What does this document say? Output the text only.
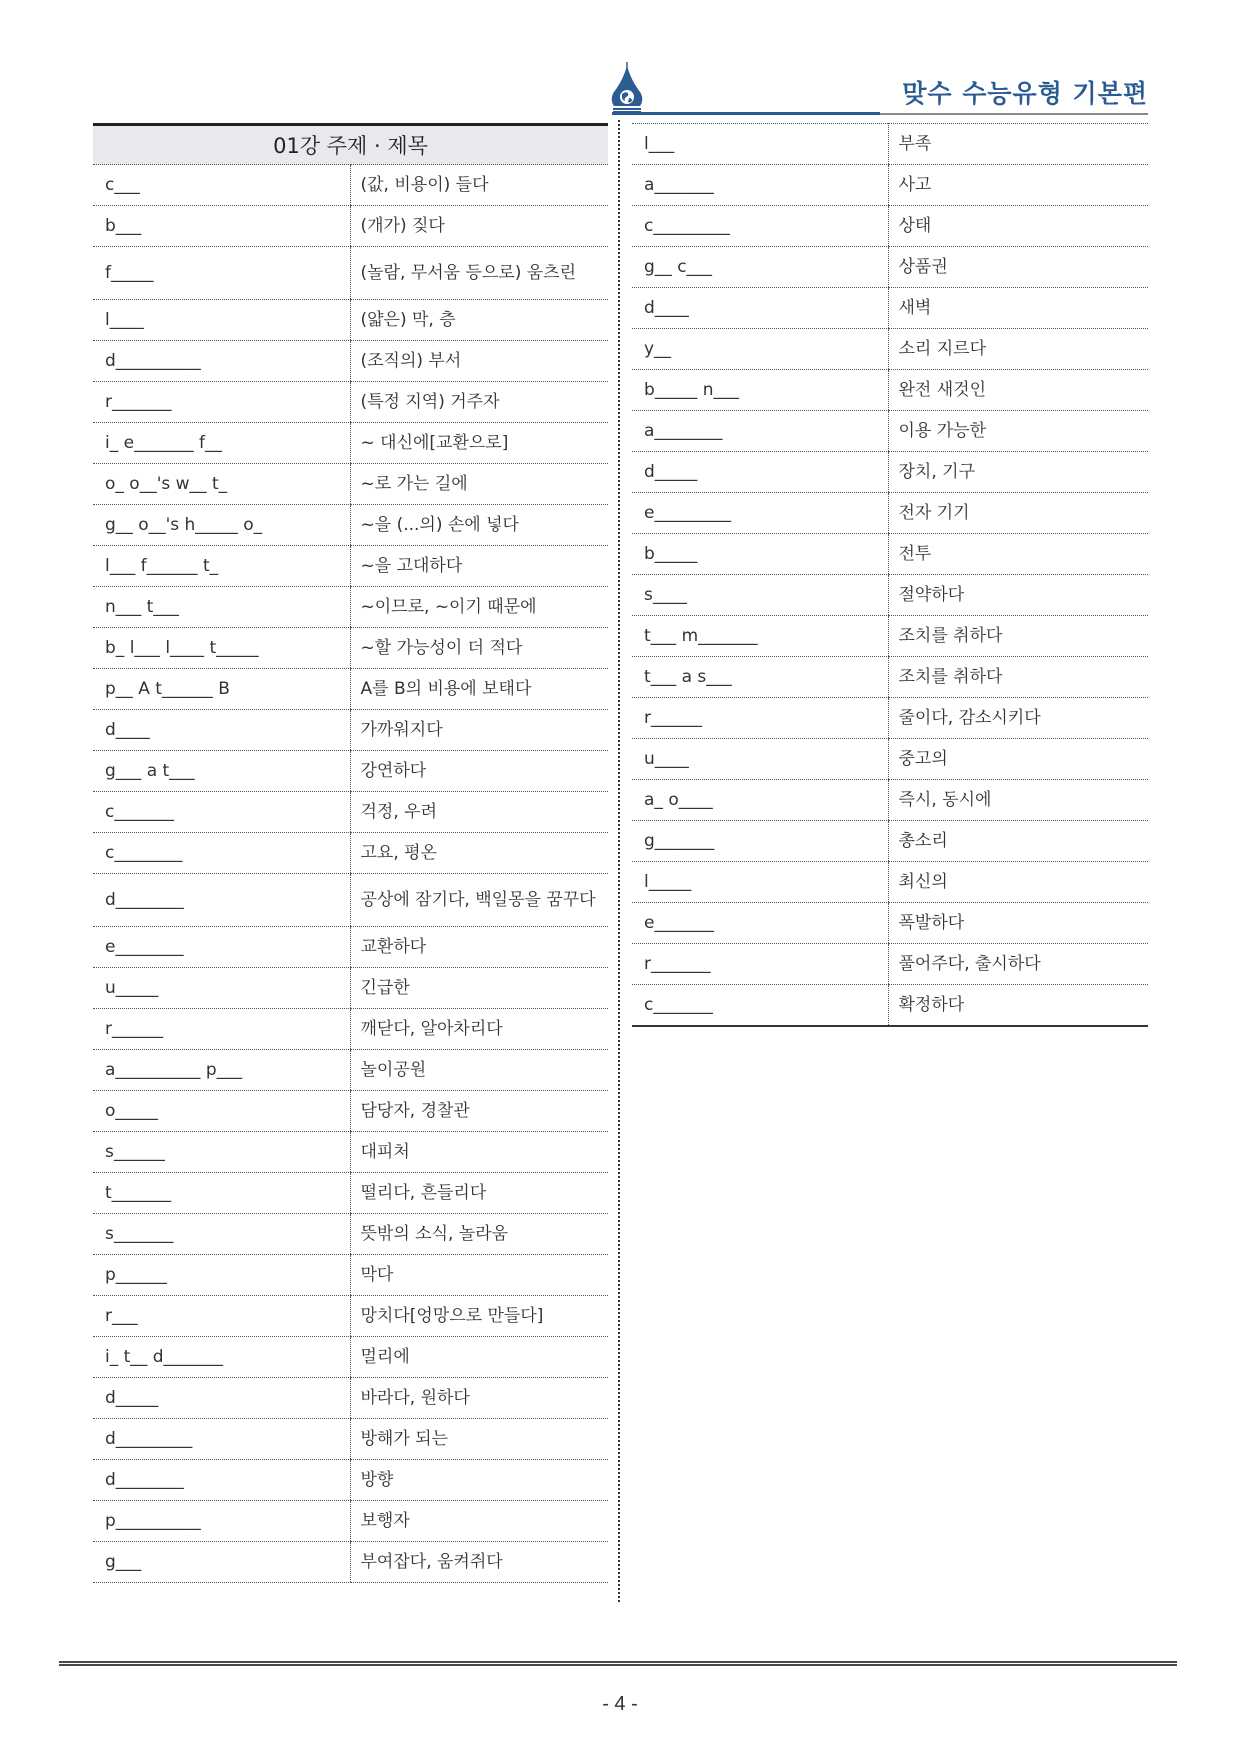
맞수 수능유형 기본편
01강 주제 · 제목	
c___	(값, 비용이) 들다
b___	(개가) 짖다
f_____	(놀람, 무서움 등으로) 움츠린
l____	(얇은) 막, 층
d__________	(조직의) 부서
r_______	(특정 지역) 거주자
i_ e_______ f__	~ 대신에[교환으로]
o_ o__'s w__ t_	~로 가는 길에
g__ o__'s h_____ o_	~을 (...의) 손에 넣다
l___ f______ t_	~을 고대하다
n___ t___	~이므로, ~이기 때문에
b_ l___ l____ t_____	~할 가능성이 더 적다
p__ A t______ B	A를 B의 비용에 보태다
d____	가까워지다
g___ a t___	강연하다
c_______	걱정, 우려
c________	고요, 평온
d________	공상에 잠기다, 백일몽을 꿈꾸다
e________	교환하다
u_____	긴급한
r______	깨닫다, 알아차리다
a__________ p___	놀이공원
o_____	담당자, 경찰관
s______	대피처
t_______	떨리다, 흔들리다
s_______	뜻밖의 소식, 놀라움
p______	막다
r___	망치다[엉망으로 만들다]
i_ t__ d_______	멀리에
d_____	바라다, 원하다
d_________	방해가 되는
d________	방향
p__________	보행자
g___	부여잡다, 움켜쥐다
l___	부족
a_______	사고
c_________	상태
g__ c___	상품권
d____	새벽
y__	소리 지르다
b_____ n___	완전 새것인
a________	이용 가능한
d_____	장치, 기구
e_________	전자 기기
b_____	전투
s____	절약하다
t___ m_______	조치를 취하다
t___ a s___	조치를 취하다
r______	줄이다, 감소시키다
u____	중고의
a_ o____	즉시, 동시에
g_______	총소리
l_____	최신의
e_______	폭발하다
r_______	풀어주다, 출시하다
c_______	확정하다
- 4 -
